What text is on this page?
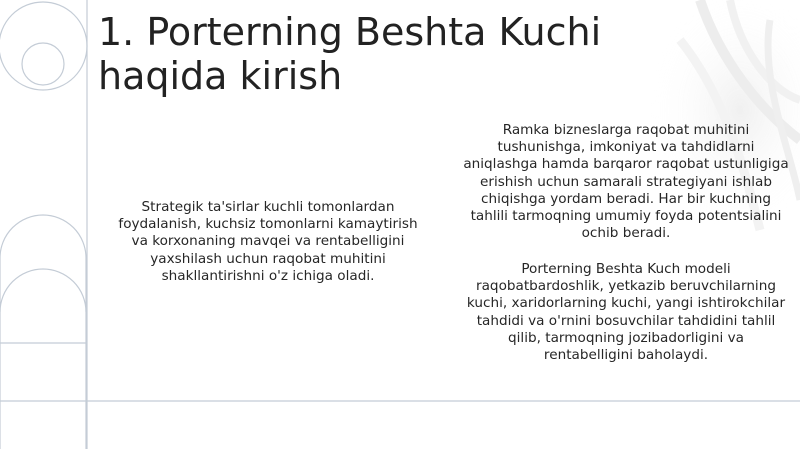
1. Porterning Beshta Kuchi haqida kirish

Strategik ta'sirlar kuchli tomonlardan foydalanish, kuchsiz tomonlarni kamaytirish va korxonaning mavqei va rentabelligini yaxshilash uchun raqobat muhitini shakllantirishni o'z ichiga oladi.

Ramka bizneslarga raqobat muhitini tushunishga, imkoniyat va tahdidlarni aniqlashga hamda barqaror raqobat ustunligiga erishish uchun samarali strategiyani ishlab chiqishga yordam beradi. Har bir kuchning tahlili tarmoqning umumiy foyda potentsialini ochib beradi.

Porterning Beshta Kuch modeli raqobatbardoshlik, yetkazib beruvchilarning kuchi, xaridorlarning kuchi, yangi ishtirokchilar tahdidi va o'rnini bosuvchilar tahdidini tahlil qilib, tarmoqning jozibadorligini va rentabelligini baholaydi.
